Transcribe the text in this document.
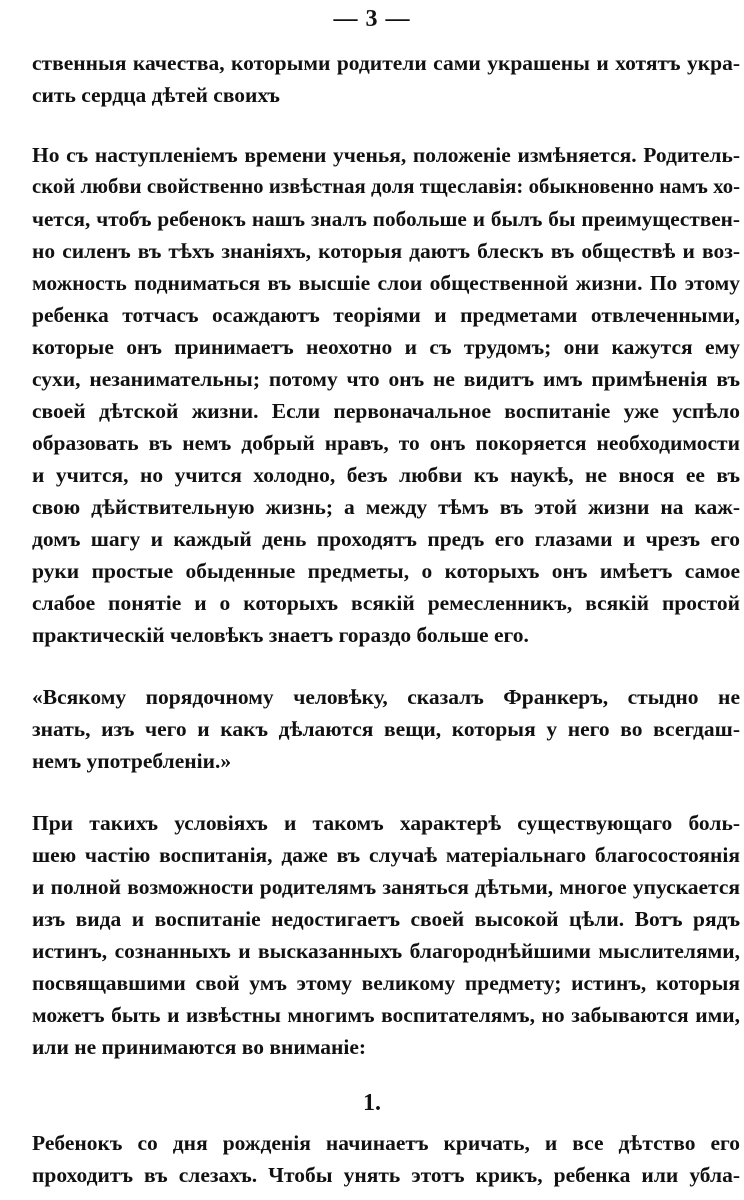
— 3 —
ственныя качества, которыми родители сами украшены и хотятъ укра-
сить сердца дѣтей своихъ
Но съ наступленіемъ времени ученья, положеніе измѣняется. Родитель-
ской любви свойственно извѣстная доля тщеславія: обыкновенно намъ хо-
чется, чтобъ ребенокъ нашъ зналъ побольше и былъ бы преимуществен-
но силенъ въ тѣхъ знаніяхъ, которыя даютъ блескъ въ обществѣ и воз-
можность подниматься въ высшіе слои общественной жизни. По этому
ребенка тотчасъ осаждаютъ теоріями и предметами отвлеченными,
которые онъ принимаетъ неохотно и съ трудомъ; они кажутся ему
сухи, незанимательны; потому что онъ не видитъ имъ примѣненія въ
своей дѣтской жизни. Если первоначальное воспитаніе уже успѣло
образовать въ немъ добрый нравъ, то онъ покоряется необходимости
и учится, но учится холодно, безъ любви къ наукѣ, не внося ее въ
свою дѣйствительную жизнь; а между тѣмъ въ этой жизни на каж-
домъ шагу и каждый день проходятъ предъ его глазами и чрезъ его
руки простые обыденные предметы, о которыхъ онъ имѣетъ самое
слабое понятіе и о которыхъ всякій ремесленникъ, всякій простой
практическій человѣкъ знаетъ гораздо больше его.
«Всякому порядочному человѣку, сказалъ Франкеръ, стыдно не
знать, изъ чего и какъ дѣлаются вещи, которыя у него во всегдаш-
немъ употребленіи.»
При такихъ условіяхъ и такомъ характерѣ существующаго боль-
шею частію воспитанія, даже въ случаѣ матеріальнаго благосостоянія
и полной возможности родителямъ заняться дѣтьми, многое упускается
изъ вида и воспитаніе недостигаетъ своей высокой цѣли. Вотъ рядъ
истинъ, сознанныхъ и высказанныхъ благороднѣйшими мыслителями,
посвящавшими свой умъ этому великому предмету; истинъ, которыя
можетъ быть и извѣстны многимъ воспитателямъ, но забываются ими,
или не принимаются во вниманіе:
1.
Ребенокъ со дня рожденія начинаетъ кричать, и все дѣтство его
проходитъ въ слезахъ. Чтобы унять этотъ крикъ, ребенка или убла-
